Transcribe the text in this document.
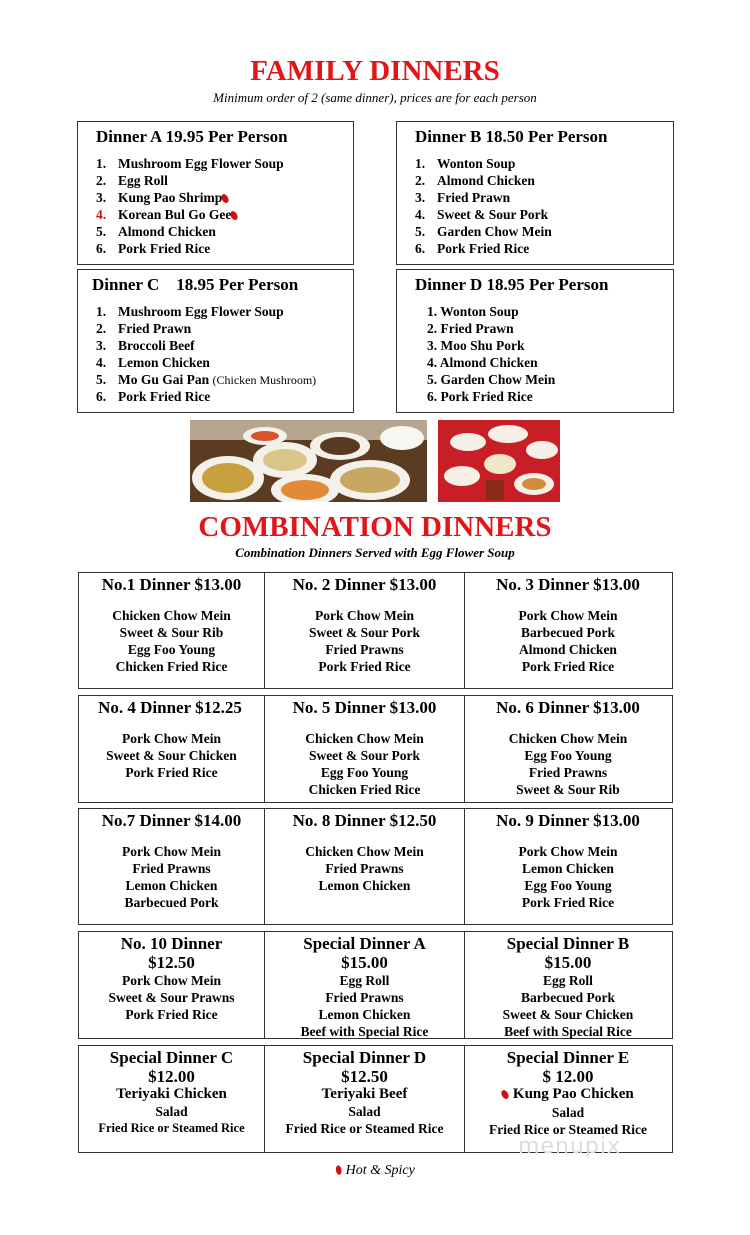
FAMILY DINNERS
Minimum order of 2 (same dinner), prices are for each person
Dinner A 19.95 Per Person
1. Mushroom Egg Flower Soup
2. Egg Roll
3. Kung Pao Shrimp⬮
4. Korean Bul Go Gee⬮
5. Almond Chicken
6. Pork Fried Rice
Dinner B 18.50 Per Person
1. Wonton Soup
2. Almond Chicken
3. Fried Prawn
4. Sweet & Sour Pork
5. Garden Chow Mein
6. Pork Fried Rice
Dinner C    18.95 Per Person
1. Mushroom Egg Flower Soup
2. Fried Prawn
3. Broccoli Beef
4. Lemon Chicken
5. Mo Gu Gai Pan (Chicken Mushroom)
6. Pork Fried Rice
Dinner D 18.95 Per Person
1. Wonton Soup
2. Fried Prawn
3. Moo Shu Pork
4. Almond Chicken
5. Garden Chow Mein
6. Pork Fried Rice
COMBINATION DINNERS
Combination Dinners Served with Egg Flower Soup
No.1 Dinner $13.00
Chicken Chow Mein
Sweet & Sour Rib
Egg Foo Young
Chicken Fried Rice
No. 2 Dinner $13.00
Pork Chow Mein
Sweet & Sour Pork
Fried Prawns
Pork Fried Rice
No. 3 Dinner $13.00
Pork Chow Mein
Barbecued Pork
Almond Chicken
Pork Fried Rice
No. 4 Dinner $12.25
Pork Chow Mein
Sweet & Sour Chicken
Pork Fried Rice
No. 5 Dinner $13.00
Chicken Chow Mein
Sweet & Sour Pork
Egg Foo Young
Chicken Fried Rice
No. 6 Dinner $13.00
Chicken Chow Mein
Egg Foo Young
Fried Prawns
Sweet & Sour Rib
No.7 Dinner $14.00
Pork Chow Mein
Fried Prawns
Lemon Chicken
Barbecued Pork
No. 8 Dinner $12.50
Chicken Chow Mein
Fried Prawns
Lemon Chicken
No. 9 Dinner $13.00
Pork Chow Mein
Lemon Chicken
Egg Foo Young
Pork Fried Rice
No. 10 Dinner
$12.50
Pork Chow Mein
Sweet & Sour Prawns
Pork Fried Rice
Special Dinner A
$15.00
Egg Roll
Fried Prawns
Lemon Chicken
Beef with Special Rice
Special Dinner B
$15.00
Egg Roll
Barbecued Pork
Sweet & Sour Chicken
Beef with Special Rice
Special Dinner C
$12.00
Teriyaki Chicken
Salad
Fried Rice or Steamed Rice
Special Dinner D
$12.50
Teriyaki Beef
Salad
Fried Rice or Steamed Rice
Special Dinner E
$ 12.00
⬮ Kung Pao Chicken
Salad
Fried Rice or Steamed Rice
menupix
⬮ Hot & Spicy
